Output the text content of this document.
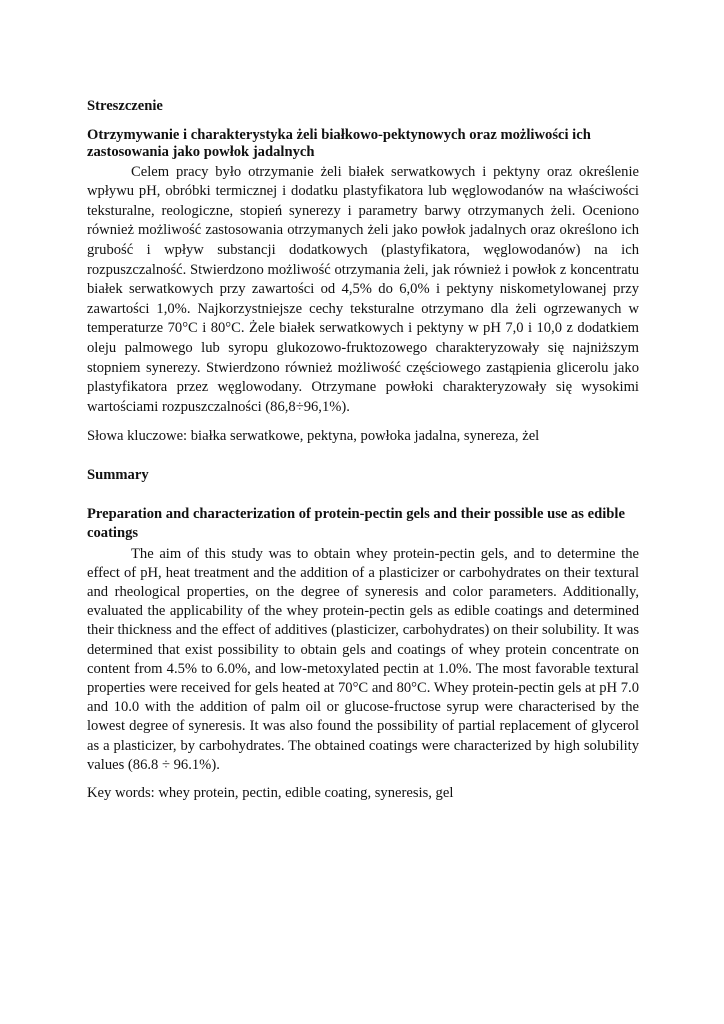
Streszczenie

Otrzymywanie i charakterystyka żeli białkowo-pektynowych oraz możliwości ich zastosowania jako powłok jadalnych

Celem pracy było otrzymanie żeli białek serwatkowych i pektyny oraz określenie wpływu pH, obróbki termicznej i dodatku plastyfikatora lub węglowodanów na właściwości teksturalne, reologiczne, stopień synerezy i parametry barwy otrzymanych żeli. Oceniono również możliwość zastosowania otrzymanych żeli jako powłok jadalnych oraz określono ich grubość i wpływ substancji dodatkowych (plastyfikatora, węglowodanów) na ich rozpuszczalność. Stwierdzono możliwość otrzymania żeli, jak również i powłok z koncentratu białek serwatkowych przy zawartości od 4,5% do 6,0% i pektyny niskometylowanej przy zawartości 1,0%. Najkorzystniejsze cechy teksturalne otrzymano dla żeli ogrzewanych w temperaturze 70°C i 80°C. Żele białek serwatkowych i pektyny w pH 7,0 i 10,0 z dodatkiem oleju palmowego lub syropu glukozowo-fruktozowego charakteryzowały się najniższym stopniem synerezy. Stwierdzono również możliwość częściowego zastąpienia glicerolu jako plastyfikatora przez węglowodany. Otrzymane powłoki charakteryzowały się wysokimi wartościami rozpuszczalności (86,8÷96,1%).

Słowa kluczowe: białka serwatkowe, pektyna, powłoka jadalna, synereza, żel

Summary

Preparation and characterization of protein-pectin gels and their possible use as edible coatings

The aim of this study was to obtain whey protein-pectin gels, and to determine the effect of pH, heat treatment and the addition of a plasticizer or carbohydrates on their textural and rheological properties, on the degree of syneresis and color parameters. Additionally, evaluated the applicability of the whey protein-pectin gels as edible coatings and determined their thickness and the effect of additives (plasticizer, carbohydrates) on their solubility. It was determined that exist possibility to obtain gels and coatings of whey protein concentrate on content from 4.5% to 6.0%, and low-metoxylated pectin at 1.0%. The most favorable textural properties were received for gels heated at 70°C and 80°C. Whey protein-pectin gels at pH 7.0 and 10.0 with the addition of palm oil or glucose-fructose syrup were characterised by the lowest degree of syneresis. It was also found the possibility of partial replacement of glycerol as a plasticizer, by carbohydrates. The obtained coatings were characterized by high solubility values (86.8 ÷ 96.1%).

Key words: whey protein, pectin, edible coating, syneresis, gel
